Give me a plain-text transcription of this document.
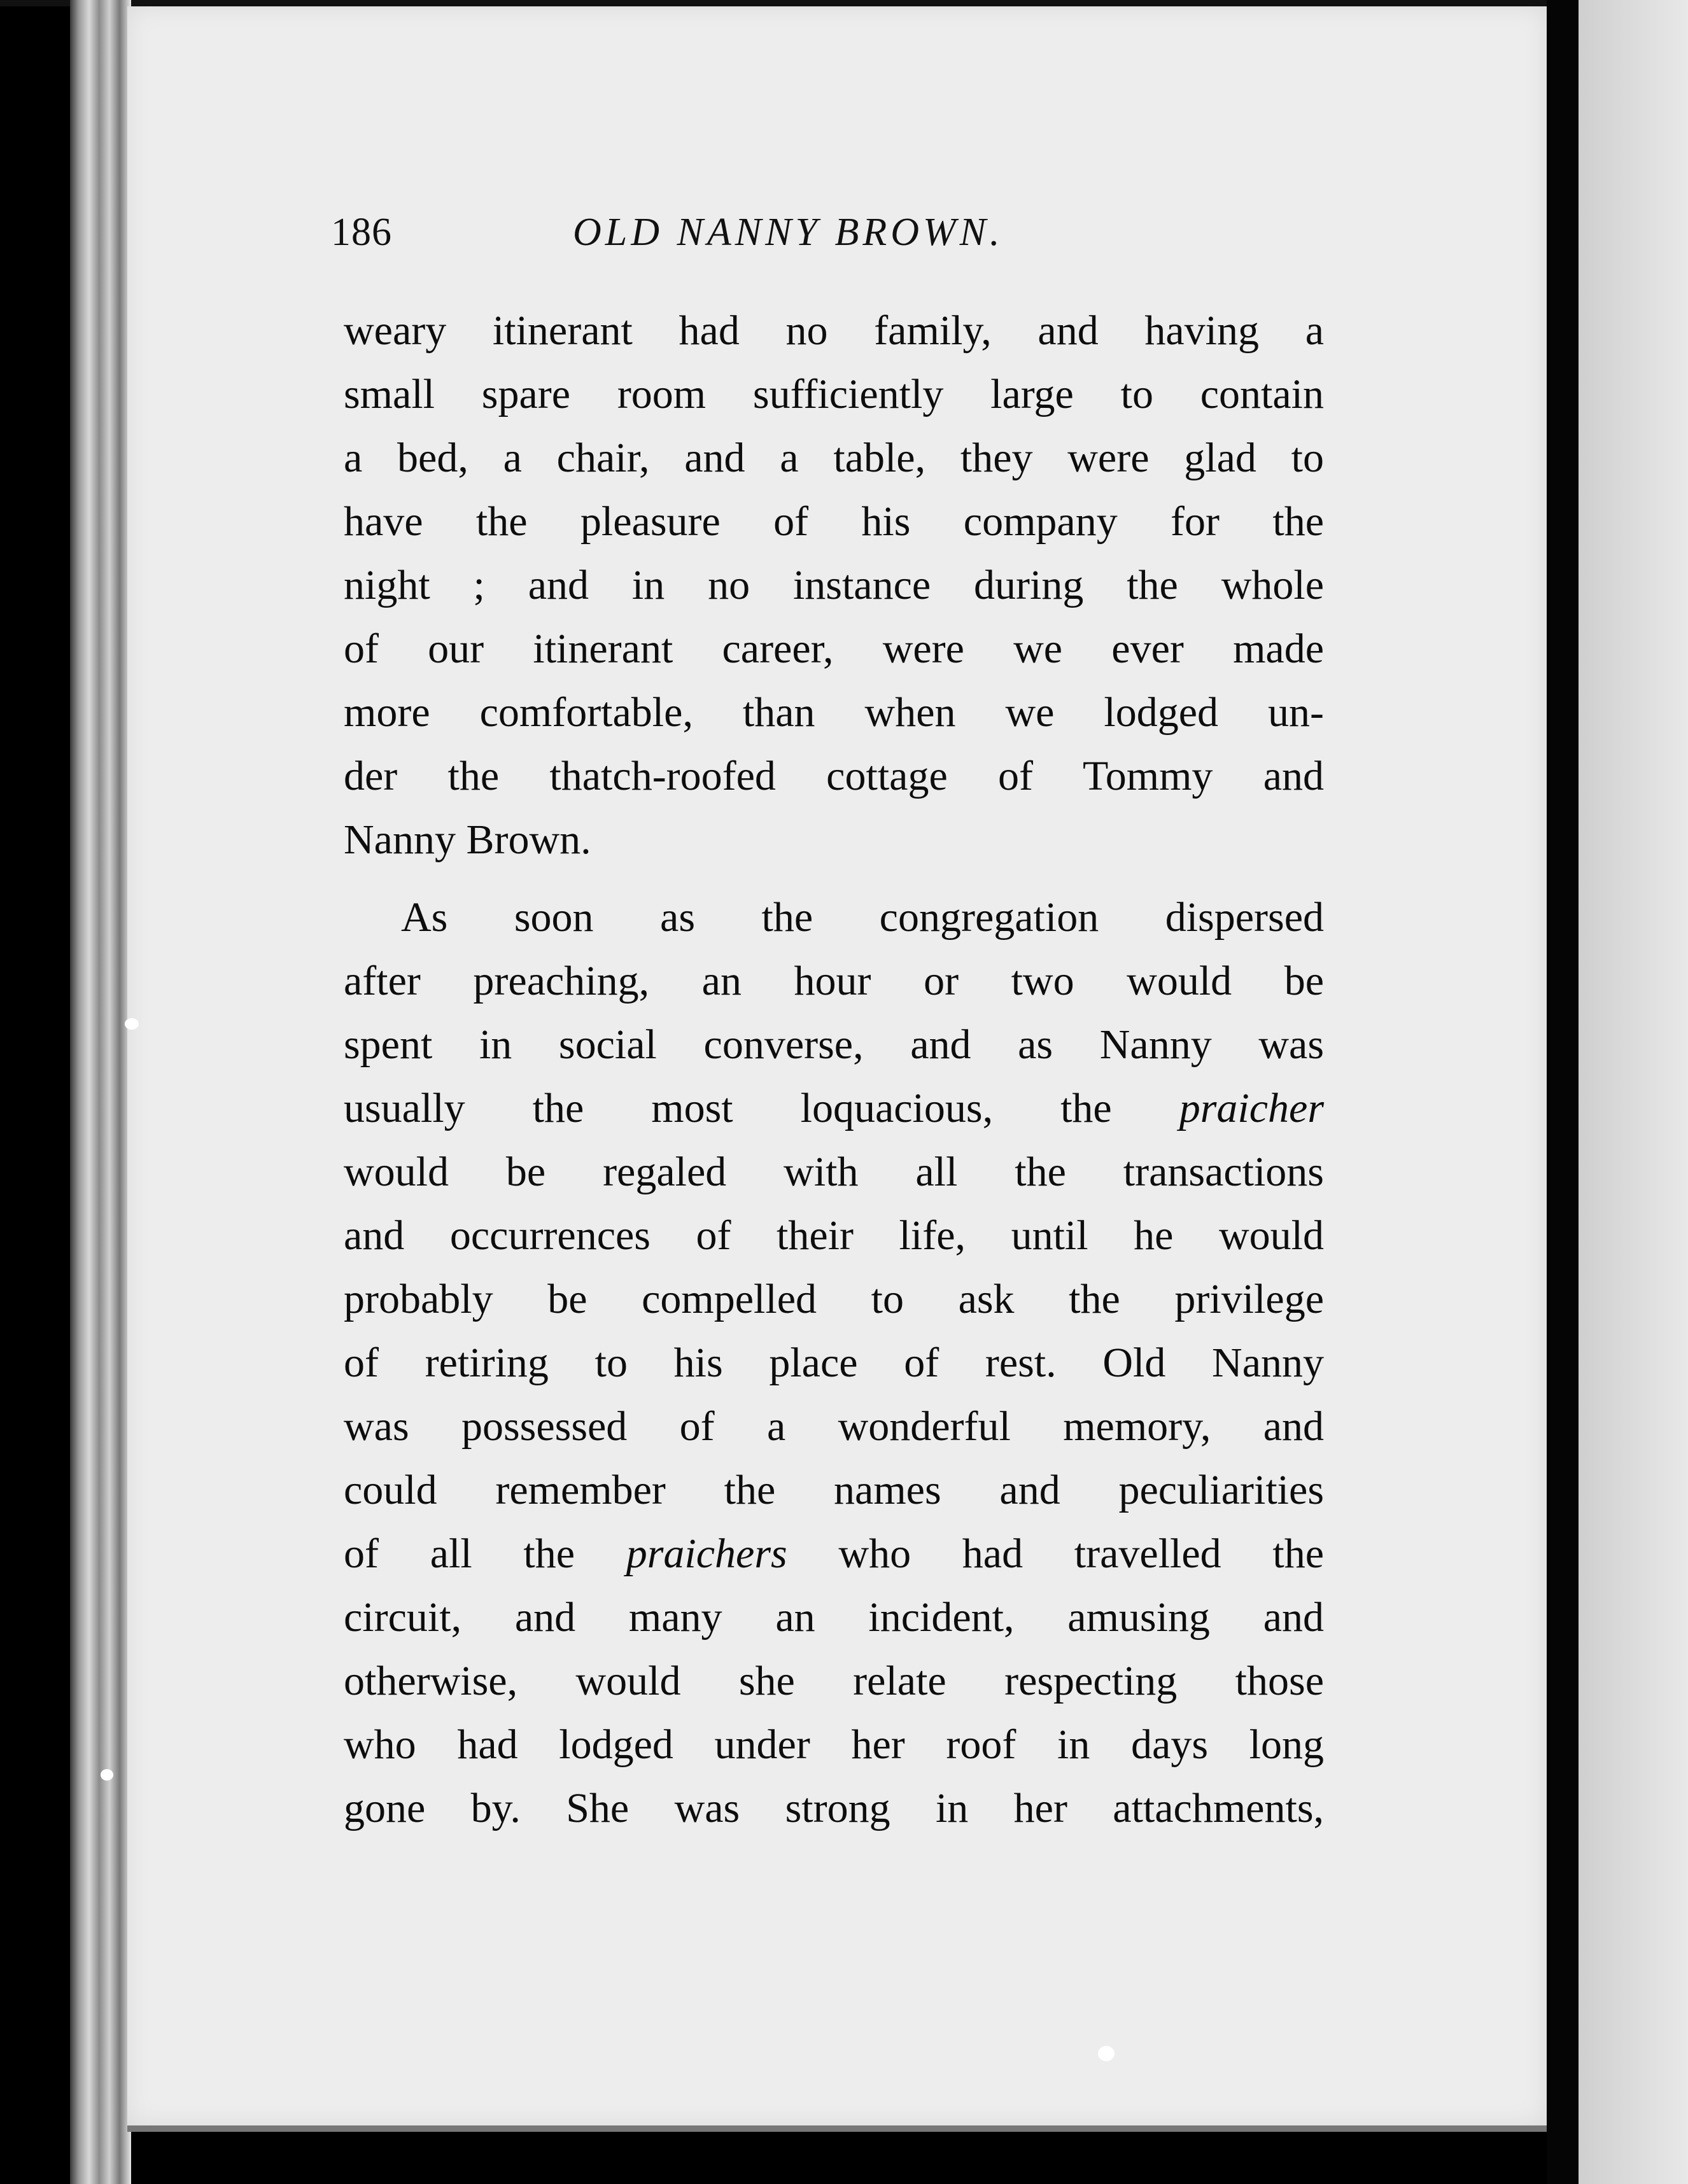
186	OLD NANNY BROWN.
weary itinerant had no family, and having a
small spare room sufficiently large to contain
a bed, a chair, and a table, they were glad to
have the pleasure of his company for the
night ; and in no instance during the whole
of our itinerant career, were we ever made
more comfortable, than when we lodged un-
der the thatch-roofed cottage of Tommy and
Nanny Brown.
As soon as the congregation dispersed
after preaching, an hour or two would be
spent in social converse, and as Nanny was
usually the most loquacious, the praicher
would be regaled with all the transactions
and occurrences of their life, until he would
probably be compelled to ask the privilege
of retiring to his place of rest. Old Nanny
was possessed of a wonderful memory, and
could remember the names and peculiarities
of all the praichers who had travelled the
circuit, and many an incident, amusing and
otherwise, would she relate respecting those
who had lodged under her roof in days long
gone by. She was strong in her attachments,
